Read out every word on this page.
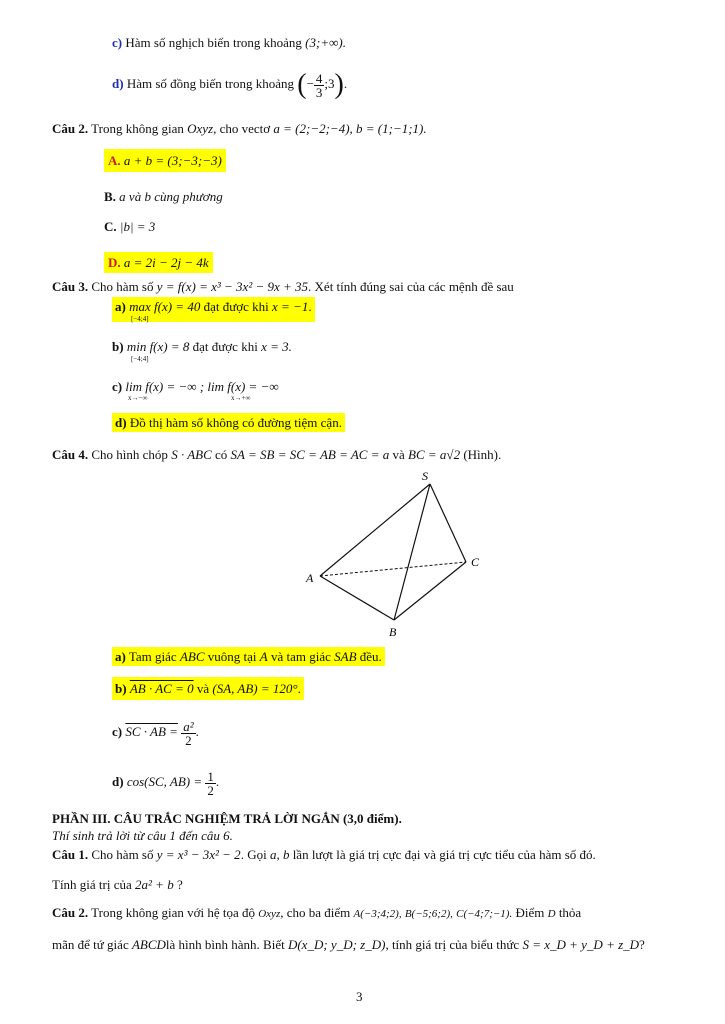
c) Hàm số nghịch biến trong khoảng (3;+∞).
d) Hàm số đồng biến trong khoảng (− $\frac{4}{3}$ ;3).
Câu 2. Trong không gian Oxyz, cho vectơ a = (2;−2;−4), b = (1;−1;1).
A. a + b = (3;−3;−3)
B. a và b cùng phương
C. |b| = 3
D. a = 2i − 2j − 4k
Câu 3. Cho hàm số y = f(x) = x³ − 3x² − 9x + 35. Xét tính đúng sai của các mệnh đề sau
a) max f(x) = 40 đạt được khi x = −1.
[−4;4]
b) min f(x) = 8 đạt được khi x = 3.
[−4;4]
c) lim f(x) = −∞ ; lim f(x) = −∞
x→−∞	x→+∞
d) Đồ thị hàm số không có đường tiệm cận.
Câu 4. Cho hình chóp S · ABC có SA = SB = SC = AB = AC = a và BC = a√2 (Hình).
S
A
B
C
a) Tam giác ABC vuông tại A và tam giác SAB đều.
b) AB · AC = 0 và (SA, AB) = 120°.
c) SC · AB = $\frac{\text{a²}}{2}$ .
d) cos(SC, $AB) = \frac{1}{2}$ .
PHẦN III. CÂU TRẮC NGHIỆM TRẢ LỜI NGẮN (3,0 điểm).
Thí sinh trả lời từ câu 1 đến câu 6.
Câu 1. Cho hàm số y = x³ − 3x² − 2. Gọi a, b lần lượt là giá trị cực đại và giá trị cực tiểu của hàm số đó.
Tính giá trị của 2a² + b ?
Câu 2. Trong không gian với hệ tọa độ Oxyz, cho ba điểm A(−3;4;2), B(−5;6;2), C(−4;7;−1). Điểm D thỏa
mãn để tứ giác ABCDlà hình bình hành. Biết D(x_D; y_D; z_D), tính giá trị của biểu thức S = x_D + y_D + z_D?
3
